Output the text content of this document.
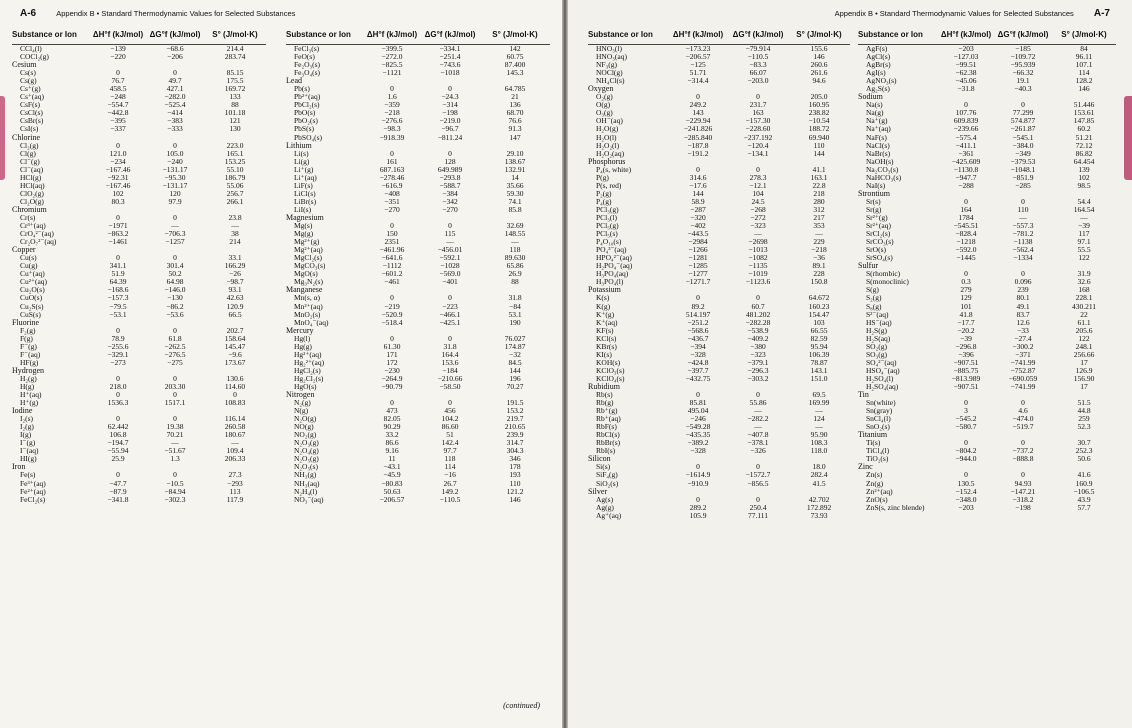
A-6	Appendix B • Standard Thermodynamic Values for Selected Substances
Substance or Ion	ΔH°f (kJ/mol)	ΔG°f (kJ/mol)	S° (J/mol·K)
CCl₄(l)	−139	−68.6	214.4
COCl₂(g)	−220	−206	283.74
Cesium			
Cs(s)	0	0	85.15
Cs(g)	76.7	49.7	175.5
Cs⁺(g)	458.5	427.1	169.72
Cs⁺(aq)	−248	−282.0	133
CsF(s)	−554.7	−525.4	88
CsCl(s)	−442.8	−414	101.18
CsBr(s)	−395	−383	121
CsI(s)	−337	−333	130
Chlorine			
Cl₂(g)	0	0	223.0
Cl(g)	121.0	105.0	165.1
Cl⁻(g)	−234	−240	153.25
Cl⁻(aq)	−167.46	−131.17	55.10
HCl(g)	−92.31	−95.30	186.79
HCl(aq)	−167.46	−131.17	55.06
ClO₂(g)	102	120	256.7
Cl₂O(g)	80.3	97.9	266.1
Chromium			
Cr(s)	0	0	23.8
Cr³⁺(aq)	−1971	—	—
CrO₄²⁻(aq)	−863.2	−706.3	38
Cr₂O₇²⁻(aq)	−1461	−1257	214
Copper			
Cu(s)	0	0	33.1
Cu(g)	341.1	301.4	166.29
Cu⁺(aq)	51.9	50.2	−26
Cu²⁺(aq)	64.39	64.98	−98.7
Cu₂O(s)	−168.6	−146.0	93.1
CuO(s)	−157.3	−130	42.63
Cu₂S(s)	−79.5	−86.2	120.9
CuS(s)	−53.1	−53.6	66.5
Fluorine			
F₂(g)	0	0	202.7
F(g)	78.9	61.8	158.64
F⁻(g)	−255.6	−262.5	145.47
F⁻(aq)	−329.1	−276.5	−9.6
HF(g)	−273	−275	173.67
Hydrogen			
H₂(g)	0	0	130.6
H(g)	218.0	203.30	114.60
H⁺(aq)	0	0	0
H⁺(g)	1536.3	1517.1	108.83
Iodine			
I₂(s)	0	0	116.14
I₂(g)	62.442	19.38	260.58
I(g)	106.8	70.21	180.67
I⁻(g)	−194.7	—	—
I⁻(aq)	−55.94	−51.67	109.4
HI(g)	25.9	1.3	206.33
Iron			
Fe(s)	0	0	27.3
Fe³⁺(aq)	−47.7	−10.5	−293
Fe²⁺(aq)	−87.9	−84.94	113
FeCl₂(s)	−341.8	−302.3	117.9
Substance or Ion	ΔH°f (kJ/mol)	ΔG°f (kJ/mol)	S° (J/mol·K)
FeCl₃(s)	−399.5	−334.1	142
FeO(s)	−272.0	−251.4	60.75
Fe₂O₃(s)	−825.5	−743.6	87.400
Fe₃O₄(s)	−1121	−1018	145.3
Lead			
Pb(s)	0	0	64.785
Pb²⁺(aq)	1.6	−24.3	21
PbCl₂(s)	−359	−314	136
PbO(s)	−218	−198	68.70
PbO₂(s)	−276.6	−219.0	76.6
PbS(s)	−98.3	−96.7	91.3
PbSO₄(s)	−918.39	−811.24	147
Lithium			
Li(s)	0	0	29.10
Li(g)	161	128	138.67
Li⁺(g)	687.163	649.989	132.91
Li⁺(aq)	−278.46	−293.8	14
LiF(s)	−616.9	−588.7	35.66
LiCl(s)	−408	−384	59.30
LiBr(s)	−351	−342	74.1
LiI(s)	−270	−270	85.8
Magnesium			
Mg(s)	0	0	32.69
Mg(g)	150	115	148.55
Mg²⁺(g)	2351	—	—
Mg²⁺(aq)	−461.96	−456.01	118
MgCl₂(s)	−641.6	−592.1	89.630
MgCO₃(s)	−1112	−1028	65.86
MgO(s)	−601.2	−569.0	26.9
Mg₃N₂(s)	−461	−401	88
Manganese			
Mn(s, α)	0	0	31.8
Mn²⁺(aq)	−219	−223	−84
MnO₂(s)	−520.9	−466.1	53.1
MnO₄⁻(aq)	−518.4	−425.1	190
Mercury			
Hg(l)	0	0	76.027
Hg(g)	61.30	31.8	174.87
Hg²⁺(aq)	171	164.4	−32
Hg₂²⁺(aq)	172	153.6	84.5
HgCl₂(s)	−230	−184	144
Hg₂Cl₂(s)	−264.9	−210.66	196
HgO(s)	−90.79	−58.50	70.27
Nitrogen			
N₂(g)	0	0	191.5
N(g)	473	456	153.2
N₂O(g)	82.05	104.2	219.7
NO(g)	90.29	86.60	210.65
NO₂(g)	33.2	51	239.9
N₂O₃(g)	86.6	142.4	314.7
N₂O₄(g)	9.16	97.7	304.3
N₂O₅(g)	11	118	346
N₂O₅(s)	−43.1	114	178
NH₃(g)	−45.9	−16	193
NH₃(aq)	−80.83	26.7	110
N₂H₄(l)	50.63	149.2	121.2
NO₃⁻(aq)	−206.57	−110.5	146
(continued)
Appendix B • Standard Thermodynamic Values for Selected Substances A-7
Substance or Ion	ΔH°f (kJ/mol)	ΔG°f (kJ/mol)	S° (J/mol·K)
HNO₃(l)	−173.23	−79.914	155.6
HNO₃(aq)	−206.57	−110.5	146
NF₃(g)	−125	−83.3	260.6
NOCl(g)	51.71	66.07	261.6
NH₄Cl(s)	−314.4	−203.0	94.6
Oxygen			
O₂(g)	0	0	205.0
O(g)	249.2	231.7	160.95
O₃(g)	143	163	238.82
OH⁻(aq)	−229.94	−157.30	−10.54
H₂O(g)	−241.826	−228.60	188.72
H₂O(l)	−285.840	−237.192	69.940
H₂O₂(l)	−187.8	−120.4	110
H₂O₂(aq)	−191.2	−134.1	144
Phosphorus			
P₄(s, white)	0	0	41.1
P(g)	314.6	278.3	163.1
P(s, red)	−17.6	−12.1	22.8
P₂(g)	144	104	218
P₄(g)	58.9	24.5	280
PCl₃(g)	−287	−268	312
PCl₃(l)	−320	−272	217
PCl₅(g)	−402	−323	353
PCl₅(s)	−443.5	—	—
P₄O₁₀(s)	−2984	−2698	229
PO₄³⁻(aq)	−1266	−1013	−218
HPO₄²⁻(aq)	−1281	−1082	−36
H₂PO₄⁻(aq)	−1285	−1135	89.1
H₃PO₄(aq)	−1277	−1019	228
H₃PO₄(l)	−1271.7	−1123.6	150.8
Potassium			
K(s)	0	0	64.672
K(g)	89.2	60.7	160.23
K⁺(g)	514.197	481.202	154.47
K⁺(aq)	−251.2	−282.28	103
KF(s)	−568.6	−538.9	66.55
KCl(s)	−436.7	−409.2	82.59
KBr(s)	−394	−380	95.94
KI(s)	−328	−323	106.39
KOH(s)	−424.8	−379.1	78.87
KClO₃(s)	−397.7	−296.3	143.1
KClO₄(s)	−432.75	−303.2	151.0
Rubidium			
Rb(s)	0	0	69.5
Rb(g)	85.81	55.86	169.99
Rb⁺(g)	495.04	—	—
Rb⁺(aq)	−246	−282.2	124
RbF(s)	−549.28	—	—
RbCl(s)	−435.35	−407.8	95.90
RbBr(s)	−389.2	−378.1	108.3
RbI(s)	−328	−326	118.0
Silicon			
Si(s)	0	0	18.0
SiF₄(g)	−1614.9	−1572.7	282.4
SiO₂(s)	−910.9	−856.5	41.5
Silver			
Ag(s)	0	0	42.702
Ag(g)	289.2	250.4	172.892
Ag⁺(aq)	105.9	77.111	73.93
Substance or Ion	ΔH°f (kJ/mol)	ΔG°f (kJ/mol)	S° (J/mol·K)
AgF(s)	−203	−185	84
AgCl(s)	−127.03	−109.72	96.11
AgBr(s)	−99.51	−95.939	107.1
AgI(s)	−62.38	−66.32	114
AgNO₃(s)	−45.06	19.1	128.2
Ag₂S(s)	−31.8	−40.3	146
Sodium			
Na(s)	0	0	51.446
Na(g)	107.76	77.299	153.61
Na⁺(g)	609.839	574.877	147.85
Na⁺(aq)	−239.66	−261.87	60.2
NaF(s)	−575.4	−545.1	51.21
NaCl(s)	−411.1	−384.0	72.12
NaBr(s)	−361	−349	86.82
NaOH(s)	−425.609	−379.53	64.454
Na₂CO₃(s)	−1130.8	−1048.1	139
NaHCO₃(s)	−947.7	−851.9	102
NaI(s)	−288	−285	98.5
Strontium			
Sr(s)	0	0	54.4
Sr(g)	164	110	164.54
Sr²⁺(g)	1784	—	—
Sr²⁺(aq)	−545.51	−557.3	−39
SrCl₂(s)	−828.4	−781.2	117
SrCO₃(s)	−1218	−1138	97.1
SrO(s)	−592.0	−562.4	55.5
SrSO₄(s)	−1445	−1334	122
Sulfur			
S(rhombic)	0	0	31.9
S(monoclinic)	0.3	0.096	32.6
S(g)	279	239	168
S₂(g)	129	80.1	228.1
S₈(g)	101	49.1	430.211
S²⁻(aq)	41.8	83.7	22
HS⁻(aq)	−17.7	12.6	61.1
H₂S(g)	−20.2	−33	205.6
H₂S(aq)	−39	−27.4	122
SO₂(g)	−296.8	−300.2	248.1
SO₃(g)	−396	−371	256.66
SO₄²⁻(aq)	−907.51	−741.99	17
HSO₄⁻(aq)	−885.75	−752.87	126.9
H₂SO₄(l)	−813.989	−690.059	156.90
H₂SO₄(aq)	−907.51	−741.99	17
Tin			
Sn(white)	0	0	51.5
Sn(gray)	3	4.6	44.8
SnCl₄(l)	−545.2	−474.0	259
SnO₂(s)	−580.7	−519.7	52.3
Titanium			
Ti(s)	0	0	30.7
TiCl₄(l)	−804.2	−737.2	252.3
TiO₂(s)	−944.0	−888.8	50.6
Zinc			
Zn(s)	0	0	41.6
Zn(g)	130.5	94.93	160.9
Zn²⁺(aq)	−152.4	−147.21	−106.5
ZnO(s)	−348.0	−318.2	43.9
ZnS(s, zinc blende)	−203	−198	57.7
